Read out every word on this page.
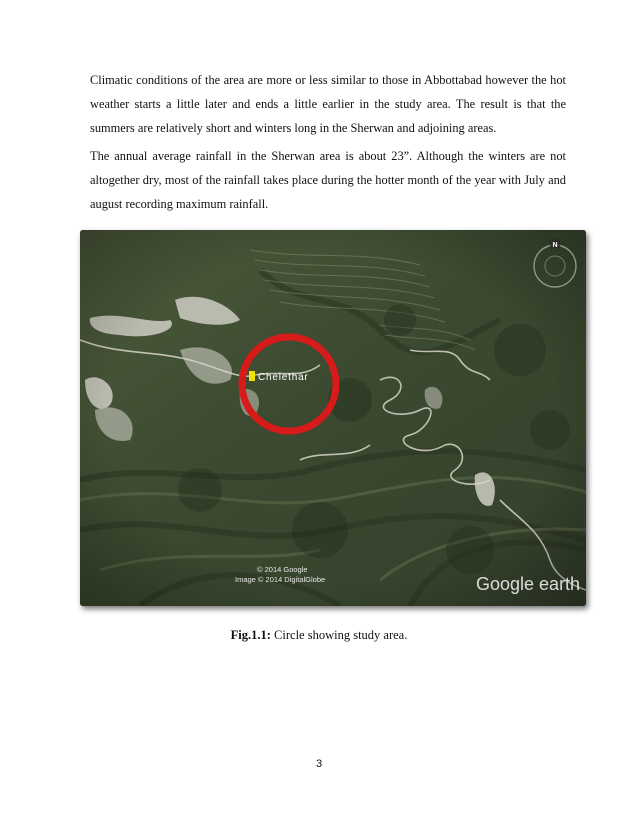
Climatic conditions of the area are more or less similar to those in Abbottabad however the hot weather starts a little later and ends a little earlier in the study area. The result is that the summers are relatively short and winters long in the Sherwan and adjoining areas.

The annual average rainfall in the Sherwan area is about 23”. Although the winters are not altogether dry, most of the rainfall takes place during the hotter month of the year with July and august recording maximum rainfall.

Chelethar
N
© 2014 Google
Image © 2014 DigitalGlobe	Google earth
Fig.1.1: Circle showing study area.
3
